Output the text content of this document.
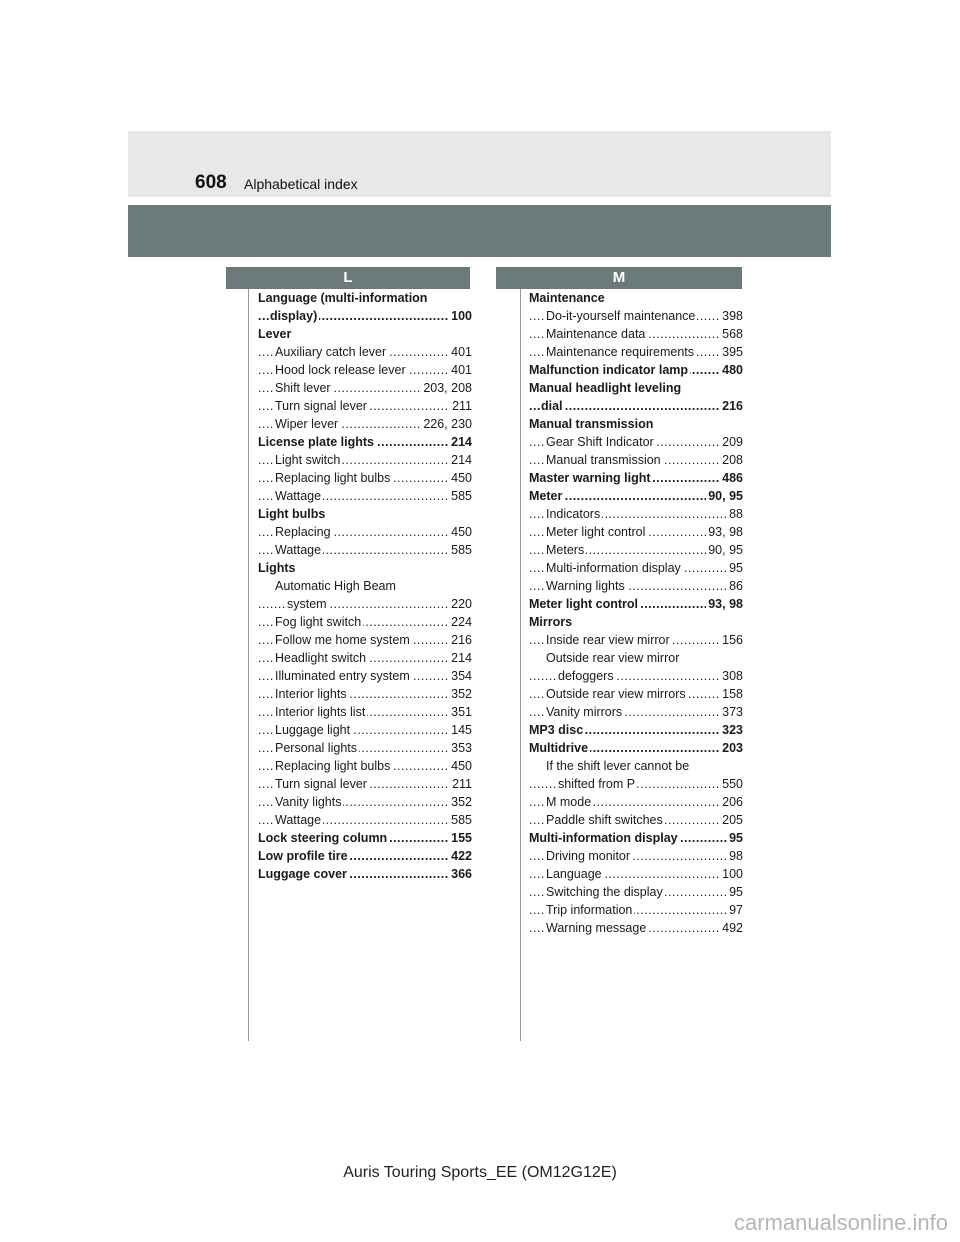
608 Alphabetical index
L	M
Language (multi-information
..... display)	100
Lever
..... Auxiliary catch lever	401
..... Hood lock release lever	401
..... Shift lever	203, 208
..... Turn signal lever	211
..... Wiper lever	226, 230
..... License plate lights	214
..... Light switch	214
..... Replacing light bulbs	450
..... Wattage	585
Light bulbs
..... Replacing	450
..... Wattage	585
Lights
Automatic High Beam
..... system	220
..... Fog light switch	224
..... Follow me home system	216
..... Headlight switch	214
..... Illuminated entry system	354
..... Interior lights	352
..... Interior lights list	351
..... Luggage light	145
..... Personal lights	353
..... Replacing light bulbs	450
..... Turn signal lever	211
..... Vanity lights	352
..... Wattage	585
..... Lock steering column	155
..... Low profile tire	422
..... Luggage cover	366
Maintenance
..... Do-it-yourself maintenance 398
..... Maintenance data	568
..... Maintenance requirements 395
..... Malfunction indicator lamp	480
Manual headlight leveling
..... dial	216
Manual transmission
..... Gear Shift Indicator	209
..... Manual transmission	208
..... Master warning light	486
..... Meter	90, 95
..... Indicators	88
..... Meter light control	93, 98
..... Meters	90, 95
..... Multi-information display	95
..... Warning lights	86
..... Meter light control	93, 98
Mirrors
..... Inside rear view mirror	156
Outside rear view mirror
..... defoggers	308
..... Outside rear view mirrors	158
..... Vanity mirrors	373
..... MP3 disc	323
..... Multidrive	203
If the shift lever cannot be
..... shifted from P	550
..... M mode	206
..... Paddle shift switches	205
..... Multi-information display	95
..... Driving monitor	98
..... Language	100
..... Switching the display	95
..... Trip information	97
..... Warning message	492
Auris Touring Sports_EE (OM12G12E)
carmanualsonline.info
